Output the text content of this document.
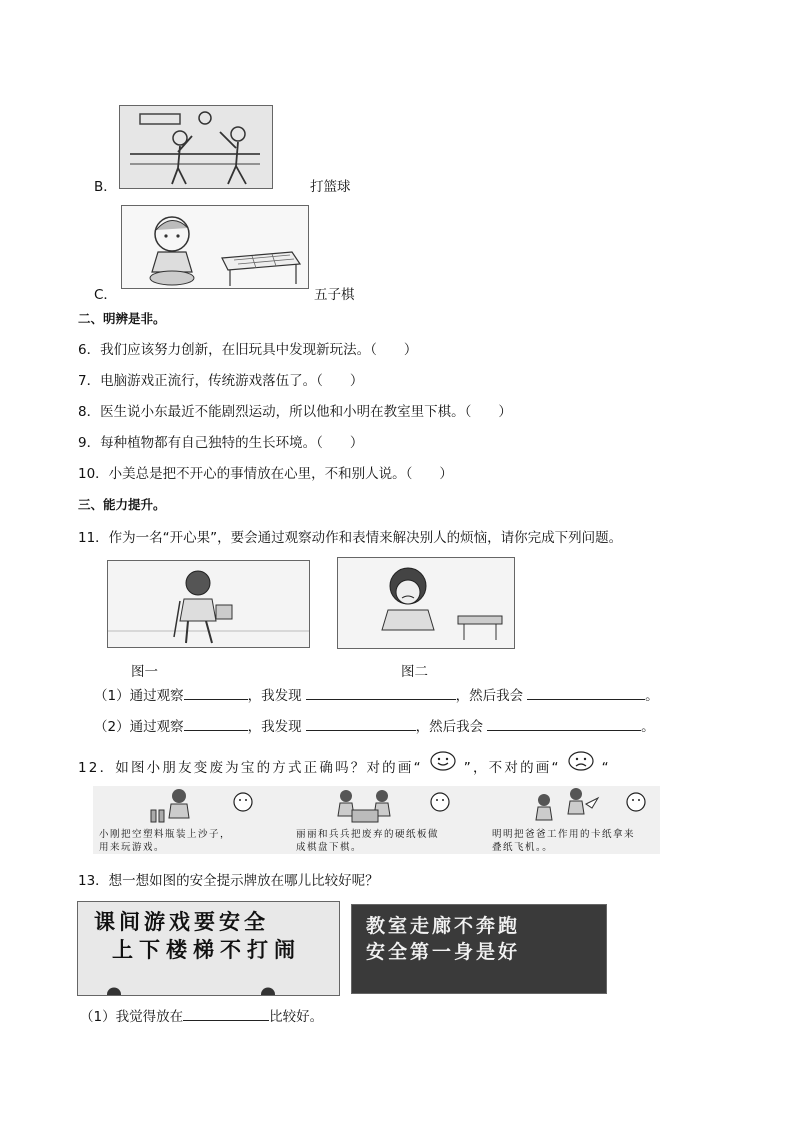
B．	打篮球
C．	五子棋
二、明辨是非。
6．我们应该努力创新，在旧玩具中发现新玩法。（　　）
7．电脑游戏正流行，传统游戏落伍了。（　　）
8．医生说小东最近不能剧烈运动，所以他和小明在教室里下棋。（　　）
9．每种植物都有自己独特的生长环境。（　　）
10．小美总是把不开心的事情放在心里，不和别人说。（　　）
三、能力提升。
11．作为一名“开心果”，要会通过观察动作和表情来解决别人的烦恼，请你完成下列问题。
图一	图二
（1）通过观察	，我发现	，然后我会	。
（2）通过观察	，我发现	，然后我会	。
12．如图小朋友变废为宝的方式正确吗？对的画“	”，不对的画“	“
小刚把空塑料瓶装上沙子，用来玩游戏。
丽丽和兵兵把废弃的硬纸板做成棋盘下棋。
明明把爸爸工作用的卡纸拿来叠纸飞机。。
13．想一想如图的安全提示牌放在哪儿比较好呢？
课间游戏要安全
上下楼梯不打闹
教室走廊不奔跑
安全第一身是好
（1）我觉得放在	比较好。
